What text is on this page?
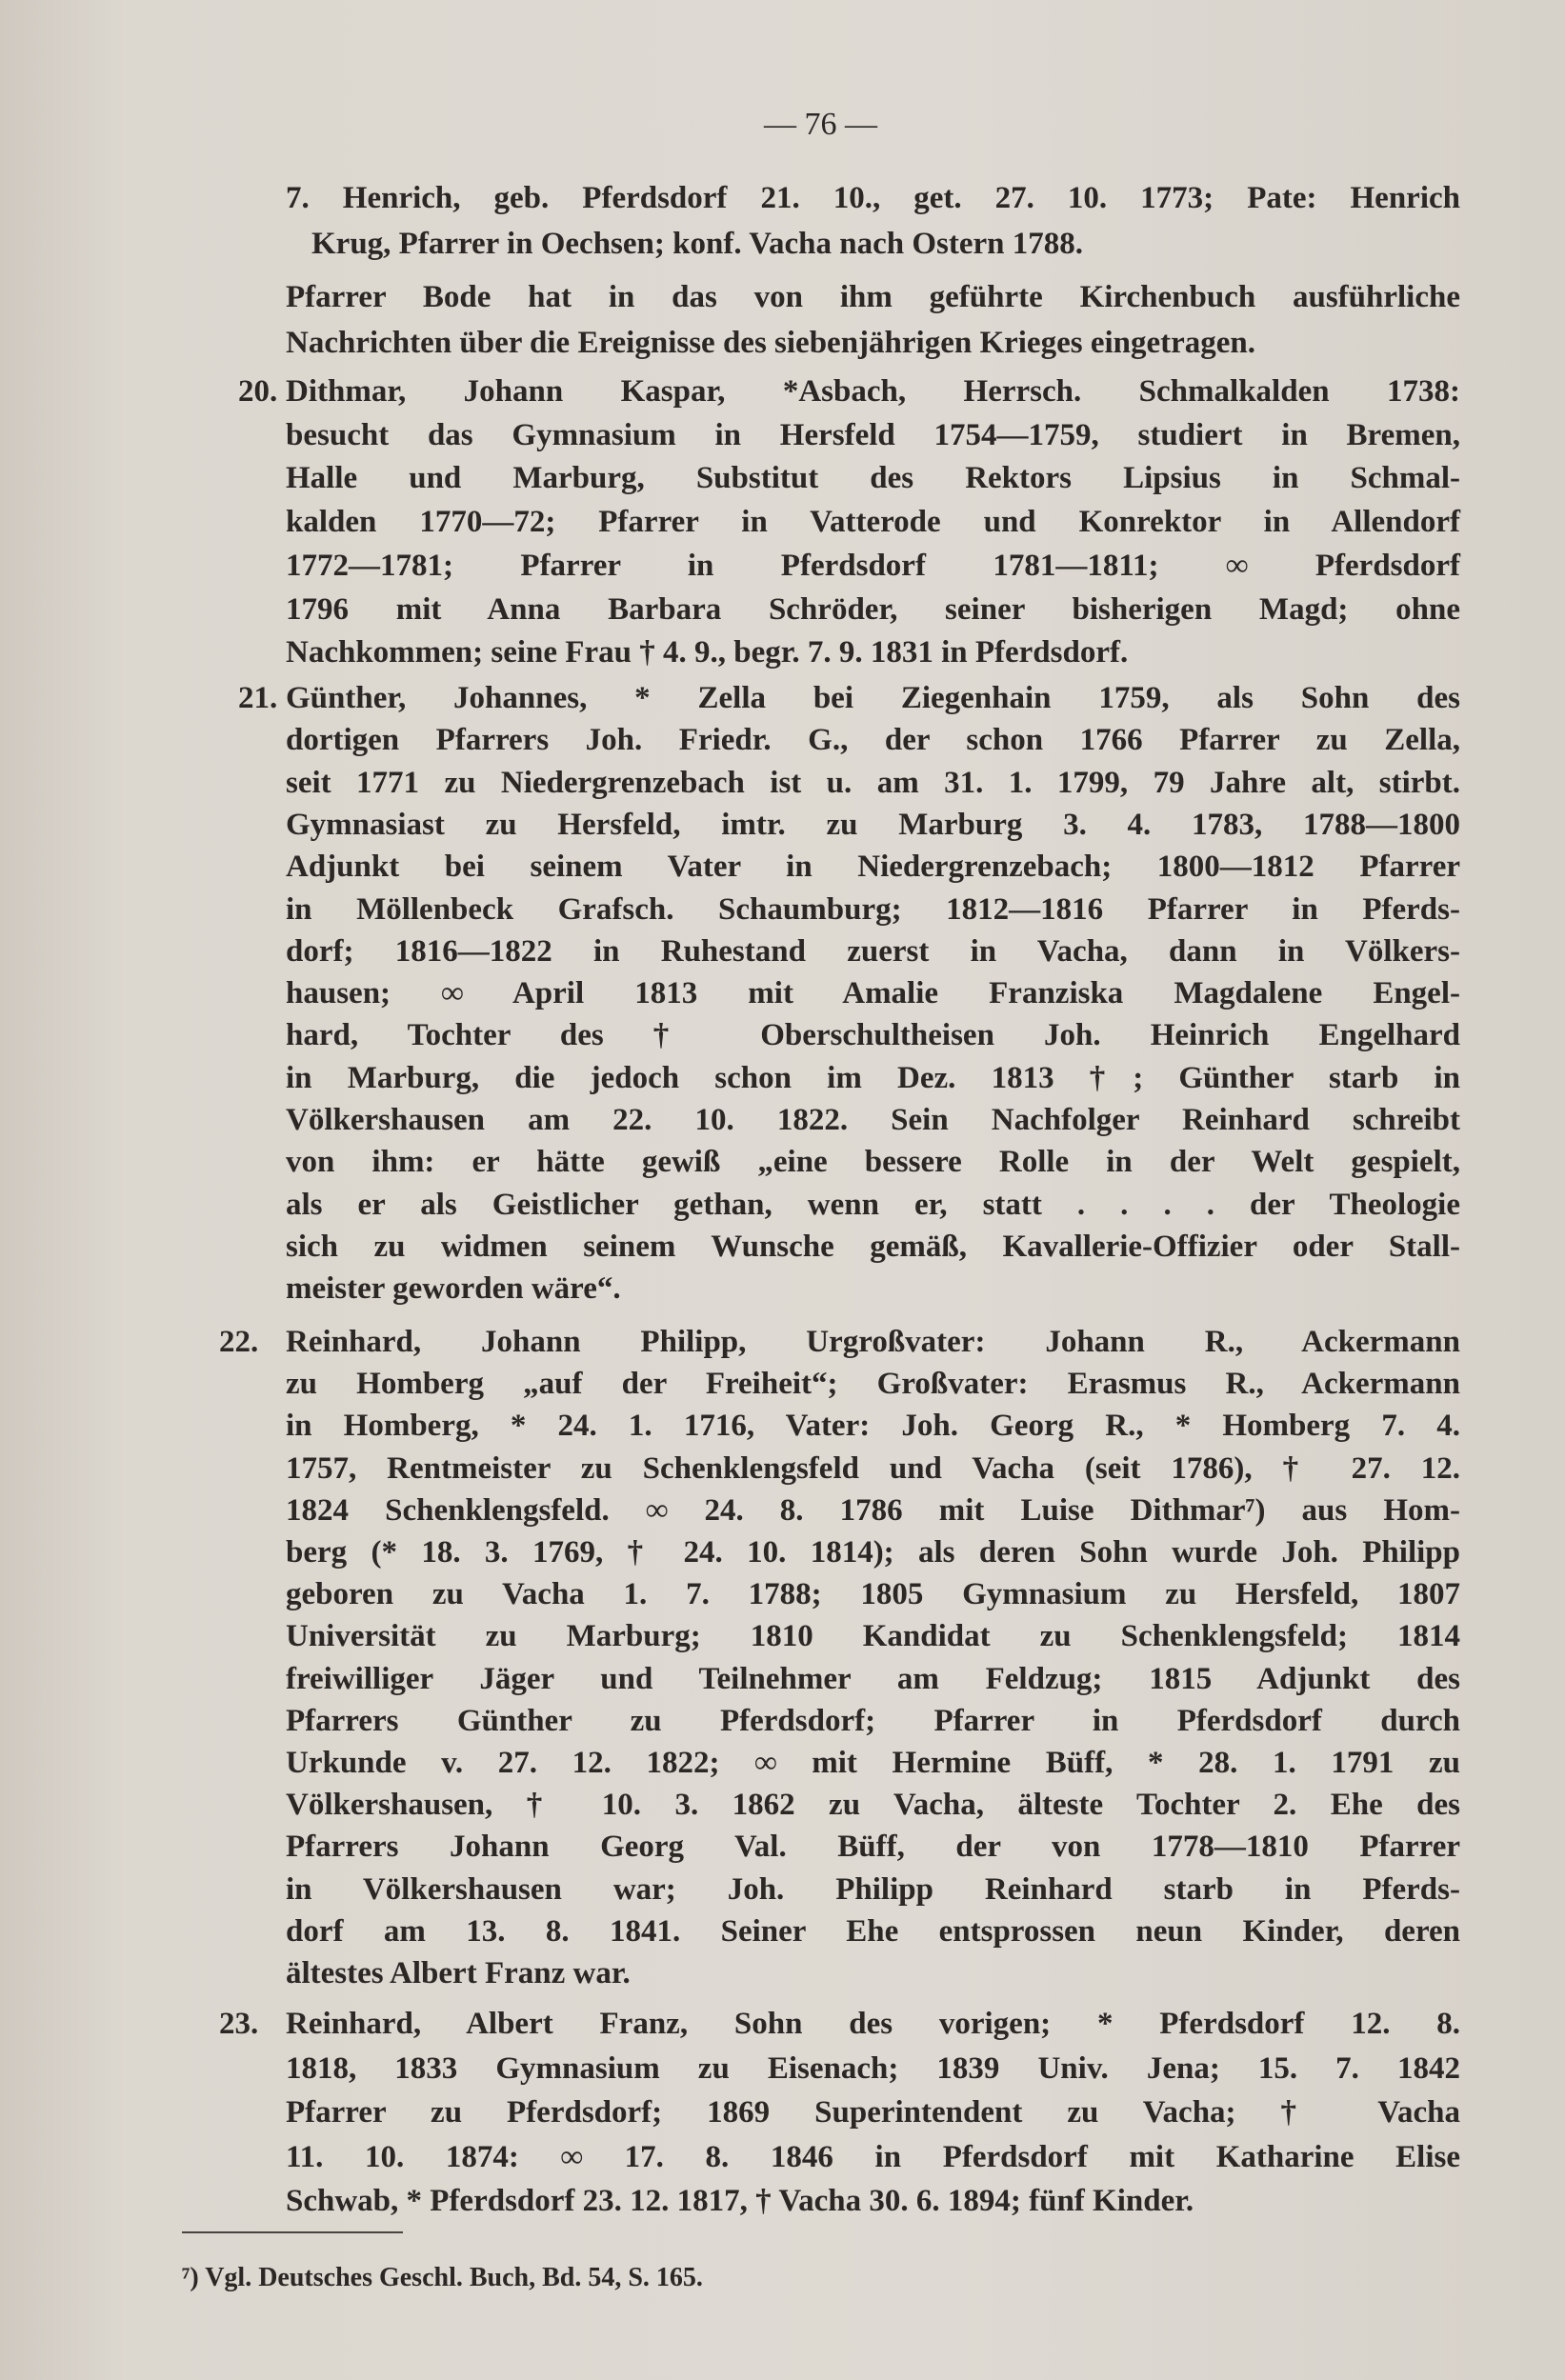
— 76 —
7. Henrich, geb. Pferdsdorf 21. 10., get. 27. 10. 1773; Pate: Henrich
Krug, Pfarrer in Oechsen; konf. Vacha nach Ostern 1788.
Pfarrer Bode hat in das von ihm geführte Kirchenbuch ausführliche
Nachrichten über die Ereignisse des siebenjährigen Krieges eingetragen.
20. Dithmar, Johann Kaspar, *Asbach, Herrsch. Schmalkalden 1738:
besucht das Gymnasium in Hersfeld 1754—1759, studiert in Bremen,
Halle und Marburg, Substitut des Rektors Lipsius in Schmal-
kalden 1770—72; Pfarrer in Vatterode und Konrektor in Allendorf
1772—1781; Pfarrer in Pferdsdorf 1781—1811; ∞ Pferdsdorf
1796 mit Anna Barbara Schröder, seiner bisherigen Magd; ohne
Nachkommen; seine Frau † 4. 9., begr. 7. 9. 1831 in Pferdsdorf.
21. Günther, Johannes, * Zella bei Ziegenhain 1759, als Sohn des
dortigen Pfarrers Joh. Friedr. G., der schon 1766 Pfarrer zu Zella,
seit 1771 zu Niedergrenzebach ist u. am 31. 1. 1799, 79 Jahre alt, stirbt.
Gymnasiast zu Hersfeld, imtr. zu Marburg 3. 4. 1783, 1788—1800
Adjunkt bei seinem Vater in Niedergrenzebach; 1800—1812 Pfarrer
in Möllenbeck Grafsch. Schaumburg; 1812—1816 Pfarrer in Pferds-
dorf; 1816—1822 in Ruhestand zuerst in Vacha, dann in Völkers-
hausen; ∞ April 1813 mit Amalie Franziska Magdalene Engel-
hard, Tochter des † Oberschultheisen Joh. Heinrich Engelhard
in Marburg, die jedoch schon im Dez. 1813 †; Günther starb in
Völkershausen am 22. 10. 1822. Sein Nachfolger Reinhard schreibt
von ihm: er hätte gewiß „eine bessere Rolle in der Welt gespielt,
als er als Geistlicher gethan, wenn er, statt . . . . der Theologie
sich zu widmen seinem Wunsche gemäß, Kavallerie-Offizier oder Stall-
meister geworden wäre“.
22. Reinhard, Johann Philipp, Urgroßvater: Johann R., Ackermann
zu Homberg „auf der Freiheit“; Großvater: Erasmus R., Ackermann
in Homberg, * 24. 1. 1716, Vater: Joh. Georg R., * Homberg 7. 4.
1757, Rentmeister zu Schenklengsfeld und Vacha (seit 1786), † 27. 12.
1824 Schenklengsfeld. ∞ 24. 8. 1786 mit Luise Dithmar⁷) aus Hom-
berg (* 18. 3. 1769, † 24. 10. 1814); als deren Sohn wurde Joh. Philipp
geboren zu Vacha 1. 7. 1788; 1805 Gymnasium zu Hersfeld, 1807
Universität zu Marburg; 1810 Kandidat zu Schenklengsfeld; 1814
freiwilliger Jäger und Teilnehmer am Feldzug; 1815 Adjunkt des
Pfarrers Günther zu Pferdsdorf; Pfarrer in Pferdsdorf durch
Urkunde v. 27. 12. 1822; ∞ mit Hermine Büff, * 28. 1. 1791 zu
Völkershausen, † 10. 3. 1862 zu Vacha, älteste Tochter 2. Ehe des
Pfarrers Johann Georg Val. Büff, der von 1778—1810 Pfarrer
in Völkershausen war; Joh. Philipp Reinhard starb in Pferds-
dorf am 13. 8. 1841. Seiner Ehe entsprossen neun Kinder, deren
ältestes Albert Franz war.
23. Reinhard, Albert Franz, Sohn des vorigen; * Pferdsdorf 12. 8.
1818, 1833 Gymnasium zu Eisenach; 1839 Univ. Jena; 15. 7. 1842
Pfarrer zu Pferdsdorf; 1869 Superintendent zu Vacha; † Vacha
11. 10. 1874: ∞ 17. 8. 1846 in Pferdsdorf mit Katharine Elise
Schwab, * Pferdsdorf 23. 12. 1817, † Vacha 30. 6. 1894; fünf Kinder.
⁷) Vgl. Deutsches Geschl. Buch, Bd. 54, S. 165.
